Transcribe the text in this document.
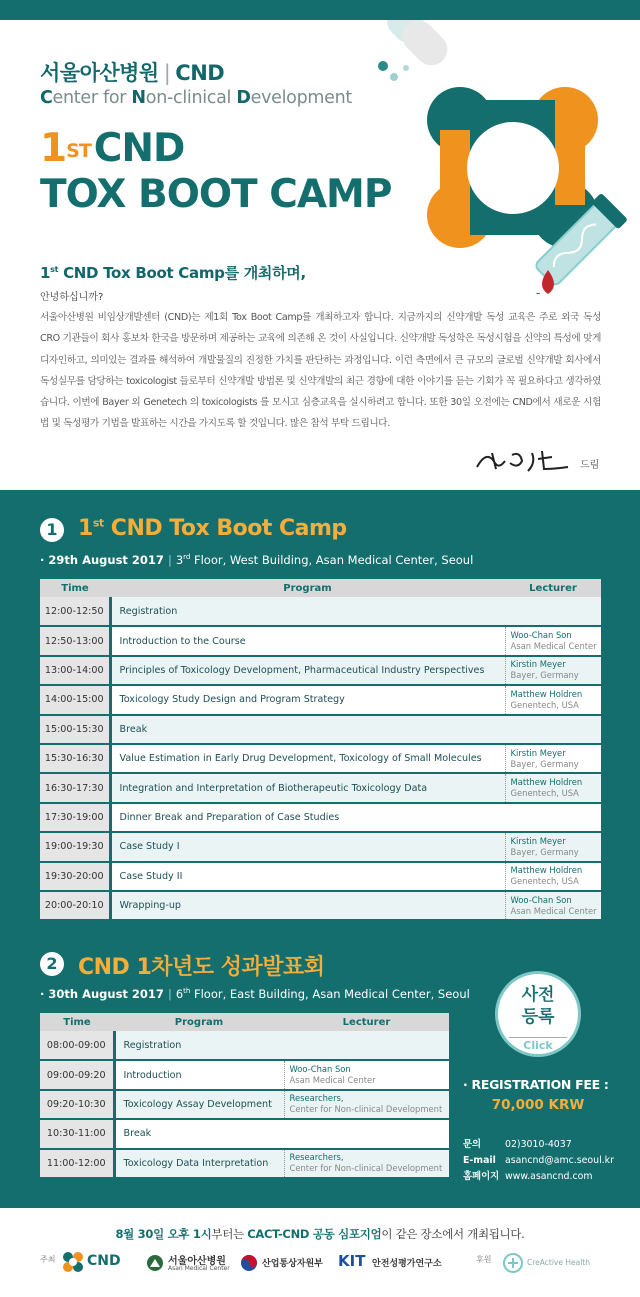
-
서울아산병원 | CND
Center for Non-clinical Development
1STCND
TOX BOOT CAMP
1st CND Tox Boot Camp를 개최하며,
안녕하십니까?
서울아산병원 비임상개발센터 (CND)는 제1회 Tox Boot Camp를 개최하고자 합니다. 지금까지의 신약개발 독성 교육은 주로 외국 독성 CRO 기관들이 회사 홍보차 한국을 방문하며 제공하는 교육에 의존해 온 것이 사실입니다. 신약개발 독성학은 독성시험을 신약의 특성에 맞게 디자인하고, 의미있는 결과를 해석하여 개발물질의 진정한 가치를 판단하는 과정입니다. 이런 측면에서 큰 규모의 글로벌 신약개발 회사에서 독성실무를 담당하는 toxicologist 들로부터 신약개발 방법론 및 신약개발의 최근 경향에 대한 이야기를 듣는 기회가 꼭 필요하다고 생각하였습니다. 이번에 Bayer 외 Genetech 의 toxicologists 를 모시고 심층교육을 실시하려고 합니다. 또한 30일 오전에는 CND에서 새로운 시험법 및 독성평가 기법을 발표하는 시간을 가지도록 할 것입니다. 많은 참석 부탁 드립니다.
드림
1 1st CND Tox Boot Camp
· 29th August 2017 | 3rd Floor, West Building, Asan Medical Center, Seoul
Time	Program	Lecturer
12:00-12:50	Registration	
12:50-13:00	Introduction to the Course	Woo-Chan Son
Asan Medical Center

13:00-14:00	Principles of Toxicology Development, Pharmaceutical Industry Perspectives	Kirstin Meyer
Bayer, Germany

14:00-15:00	Toxicology Study Design and Program Strategy	Matthew Holdren
Genentech, USA

15:00-15:30	Break	
15:30-16:30	Value Estimation in Early Drug Development, Toxicology of Small Molecules	Kirstin Meyer
Bayer, Germany

16:30-17:30	Integration and Interpretation of Biotherapeutic Toxicology Data	Matthew Holdren
Genentech, USA

17:30-19:00	Dinner Break and Preparation of Case Studies	
19:00-19:30	Case Study I	Kirstin Meyer
Bayer, Germany

19:30-20:00	Case Study II	Matthew Holdren
Genentech, USA

20:00-20:10	Wrapping-up	Woo-Chan Son
Asan Medical Center
2 CND 1차년도 성과발표회
· 30th August 2017 | 6th Floor, East Building, Asan Medical Center, Seoul
Time	Program	Lecturer
08:00-09:00	Registration	
09:00-09:20	Introduction	Woo-Chan Son
Asan Medical Center

09:20-10:30	Toxicology Assay Development	Researchers,
Center for Non-clinical Development

10:30-11:00	Break	
11:00-12:00	Toxicology Data Interpretation	Researchers,
Center for Non-clinical Development
사전
등록
Click
· REGISTRATION FEE :
70,000 KRW
문의	02)3010-4037
E-mail asancnd@amc.seoul.kr
홈페이지 www.asancnd.com
8월 30일 오후 1시부터는 CACT-CND 공동 심포지엄이 같은 장소에서 개최됩니다.
주최 CND	서울아산병원
Asan Medical Center	산업통상자원부 KIT 안전성평가연구소	후원	CreActive Health
